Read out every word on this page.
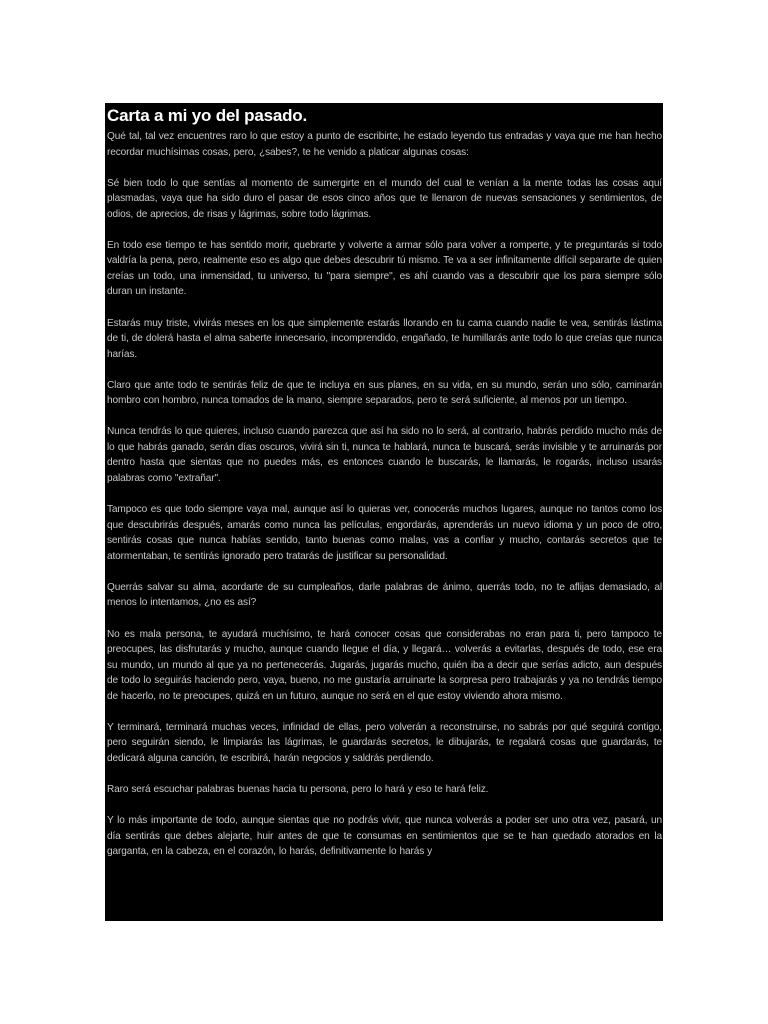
Carta a mi yo del pasado.

Qué tal, tal vez encuentres raro lo que estoy a punto de escribirte, he estado leyendo tus entradas y vaya que me han hecho recordar muchísimas cosas, pero, ¿sabes?, te he venido a platicar algunas cosas:

Sé bien todo lo que sentías al momento de sumergirte en el mundo del cual te venían a la mente todas las cosas aquí plasmadas, vaya que ha sido duro el pasar de esos cinco años que te llenaron de nuevas sensaciones y sentimientos, de odios, de aprecios, de risas y lágrimas, sobre todo lágrimas.

En todo ese tiempo te has sentido morir, quebrarte y volverte a armar sólo para volver a romperte, y te preguntarás si todo valdría la pena, pero, realmente eso es algo que debes descubrir tú mismo. Te va a ser infinitamente difícil separarte de quien creías un todo, una inmensidad, tu universo, tu "para siempre", es ahí cuando vas a descubrir que los para siempre sólo duran un instante.

Estarás muy triste, vivirás meses en los que simplemente estarás llorando en tu cama cuando nadie te vea, sentirás lástima de ti, de dolerá hasta el alma saberte innecesario, incomprendido, engañado, te humillarás ante todo lo que creías que nunca harías.

Claro que ante todo te sentirás feliz de que te incluya en sus planes, en su vida, en su mundo, serán uno sólo, caminarán hombro con hombro, nunca tomados de la mano, siempre separados, pero te será suficiente, al menos por un tiempo.

Nunca tendrás lo que quieres, incluso cuando parezca que así ha sido no lo será, al contrario, habrás perdido mucho más de lo que habrás ganado, serán días oscuros, vivirá sin ti, nunca te hablará, nunca te buscará, serás invisible y te arruinarás por dentro hasta que sientas que no puedes más, es entonces cuando le buscarás, le llamarás, le rogarás, incluso usarás palabras como "extrañar".

Tampoco es que todo siempre vaya mal, aunque así lo quieras ver, conocerás muchos lugares, aunque no tantos como los que descubrirás después, amarás como nunca las películas, engordarás, aprenderás un nuevo idioma y un poco de otro, sentirás cosas que nunca habías sentido, tanto buenas como malas, vas a confiar y mucho, contarás secretos que te atormentaban, te sentirás ignorado pero tratarás de justificar su personalidad.

Querrás salvar su alma, acordarte de su cumpleaños, darle palabras de ánimo, querrás todo, no te aflijas demasiado, al menos lo intentamos, ¿no es así?

No es mala persona, te ayudará muchísimo, te hará conocer cosas que considerabas no eran para ti, pero tampoco te preocupes, las disfrutarás y mucho, aunque cuando llegue el día, y llegará… volverás a evitarlas, después de todo, ese era su mundo, un mundo al que ya no pertenecerás. Jugarás, jugarás mucho, quién iba a decir que serías adicto, aun después de todo lo seguirás haciendo pero, vaya, bueno, no me gustaría arruinarte la sorpresa pero trabajarás y ya no tendrás tiempo de hacerlo, no te preocupes, quizá en un futuro, aunque no será en el que estoy viviendo ahora mismo.

Y terminará, terminará muchas veces, infinidad de ellas, pero volverán a reconstruirse, no sabrás por qué seguirá contigo, pero seguirán siendo, le limpiarás las lágrimas, le guardarás secretos, le dibujarás, te regalará cosas que guardarás, te dedicará alguna canción, te escribirá, harán negocios y saldrás perdiendo.

Raro será escuchar palabras buenas hacia tu persona, pero lo hará y eso te hará feliz.

Y lo más importante de todo, aunque sientas que no podrás vivir, que nunca volverás a poder ser uno otra vez, pasará, un día sentirás que debes alejarte, huir antes de que te consumas en sentimientos que se te han quedado atorados en la garganta, en la cabeza, en el corazón, lo harás, definitivamente lo harás y
